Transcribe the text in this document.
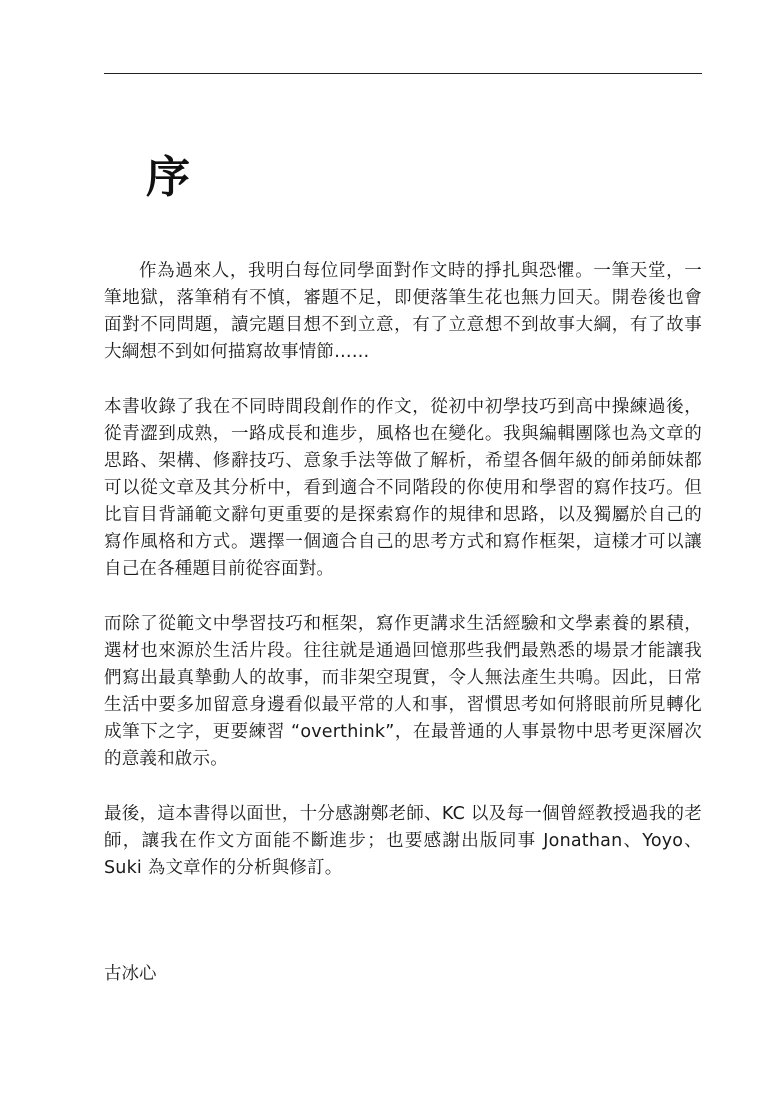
序

作為過來人，我明白每位同學面對作文時的掙扎與恐懼。一筆天堂，一筆地獄，落筆稍有不慎，審題不足，即便落筆生花也無力回天。開卷後也會面對不同問題，讀完題目想不到立意，有了立意想不到故事大綱，有了故事大綱想不到如何描寫故事情節……

本書收錄了我在不同時間段創作的作文，從初中初學技巧到高中操練過後，從青澀到成熟，一路成長和進步，風格也在變化。我與編輯團隊也為文章的思路、架構、修辭技巧、意象手法等做了解析，希望各個年級的師弟師妹都可以從文章及其分析中，看到適合不同階段的你使用和學習的寫作技巧。但比盲目背誦範文辭句更重要的是探索寫作的規律和思路，以及獨屬於自己的寫作風格和方式。選擇一個適合自己的思考方式和寫作框架，這樣才可以讓自己在各種題目前從容面對。

而除了從範文中學習技巧和框架，寫作更講求生活經驗和文學素養的累積，選材也來源於生活片段。往往就是通過回憶那些我們最熟悉的場景才能讓我們寫出最真摯動人的故事，而非架空現實，令人無法產生共鳴。因此，日常生活中要多加留意身邊看似最平常的人和事，習慣思考如何將眼前所見轉化成筆下之字，更要練習 “overthink”，在最普通的人事景物中思考更深層次的意義和啟示。

最後，這本書得以面世，十分感謝鄭老師、KC 以及每一個曾經教授過我的老師，讓我在作文方面能不斷進步；也要感謝出版同事 Jonathan、Yoyo、Suki 為文章作的分析與修訂。

古冰心
